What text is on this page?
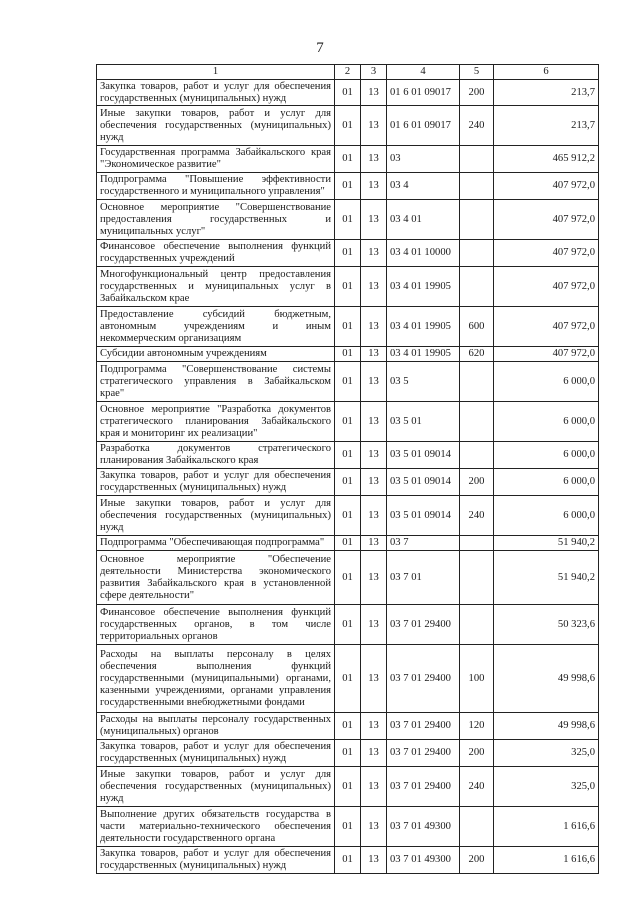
7
1	2	3	4	5	6
Закупка товаров, работ и услуг для обеспечения государственных (муниципальных) нужд	01	13	01 6 01 09017	200	213,7
Иные закупки товаров, работ и услуг для обеспечения государственных (муниципальных) нужд	01	13	01 6 01 09017	240	213,7
Государственная программа Забайкальского края "Экономическое развитие"	01	13	03		465 912,2
Подпрограмма "Повышение эффективности государственного и муниципального управления"	01	13	03 4		407 972,0
Основное мероприятие "Совершенствование предоставления государственных и муниципальных услуг"	01	13	03 4 01		407 972,0
Финансовое обеспечение выполнения функций государственных учреждений	01	13	03 4 01 10000		407 972,0
Многофункциональный центр предоставления государственных и муниципальных услуг в Забайкальском крае	01	13	03 4 01 19905		407 972,0
Предоставление субсидий бюджетным, автономным учреждениям и иным некоммерческим организациям	01	13	03 4 01 19905	600	407 972,0
Субсидии автономным учреждениям	01	13	03 4 01 19905	620	407 972,0
Подпрограмма "Совершенствование системы стратегического управления в Забайкальском крае"	01	13	03 5		6 000,0
Основное мероприятие "Разработка документов стратегического планирования Забайкальского края и мониторинг их реализации"	01	13	03 5 01		6 000,0
Разработка документов стратегического планирования Забайкальского края	01	13	03 5 01 09014		6 000,0
Закупка товаров, работ и услуг для обеспечения государственных (муниципальных) нужд	01	13	03 5 01 09014	200	6 000,0
Иные закупки товаров, работ и услуг для обеспечения государственных (муниципальных) нужд	01	13	03 5 01 09014	240	6 000,0
Подпрограмма "Обеспечивающая подпрограмма"	01	13	03 7		51 940,2
Основное мероприятие "Обеспечение деятельности Министерства экономического развития Забайкальского края в установленной сфере деятельности"	01	13	03 7 01		51 940,2
Финансовое обеспечение выполнения функций государственных органов, в том числе территориальных органов	01	13	03 7 01 29400		50 323,6
Расходы на выплаты персоналу в целях обеспечения выполнения функций государственными (муниципальными) органами, казенными учреждениями, органами управления государственными внебюджетными фондами	01	13	03 7 01 29400	100	49 998,6
Расходы на выплаты персоналу государственных (муниципальных) органов	01	13	03 7 01 29400	120	49 998,6
Закупка товаров, работ и услуг для обеспечения государственных (муниципальных) нужд	01	13	03 7 01 29400	200	325,0
Иные закупки товаров, работ и услуг для обеспечения государственных (муниципальных) нужд	01	13	03 7 01 29400	240	325,0
Выполнение других обязательств государства в части материально-технического обеспечения деятельности государственного органа	01	13	03 7 01 49300		1 616,6
Закупка товаров, работ и услуг для обеспечения государственных (муниципальных) нужд	01	13	03 7 01 49300	200	1 616,6
